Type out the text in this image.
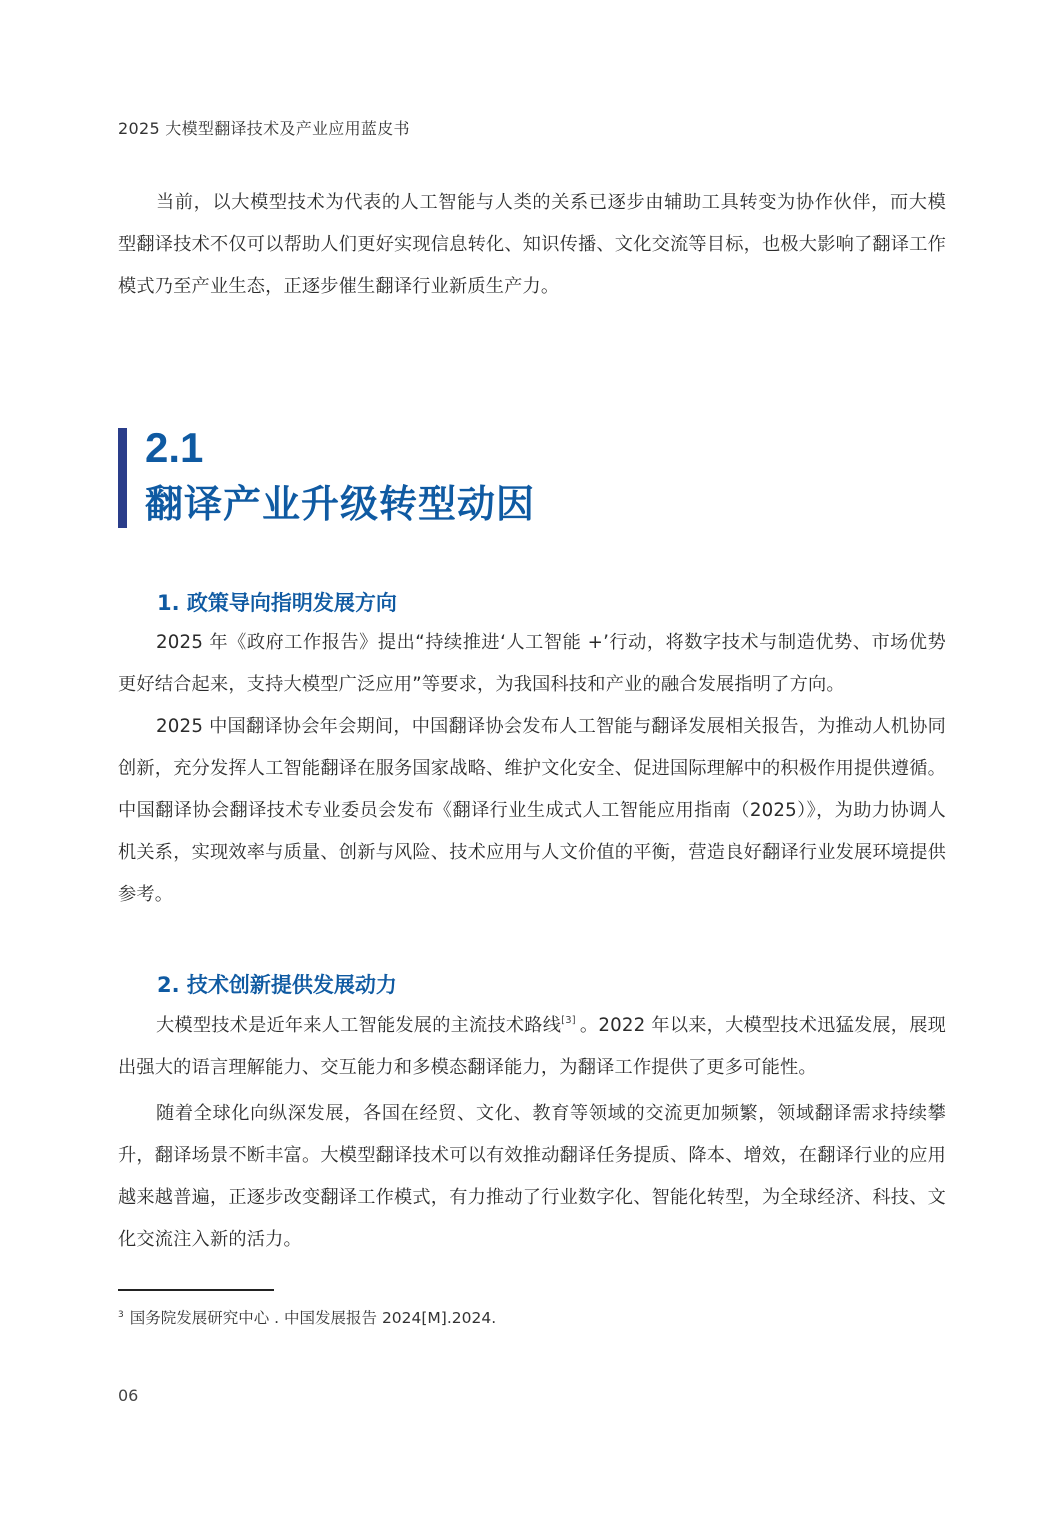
2025 大模型翻译技术及产业应用蓝皮书

当前，以大模型技术为代表的人工智能与人类的关系已逐步由辅助工具转变为协作伙伴，而大模型翻译技术不仅可以帮助人们更好实现信息转化、知识传播、文化交流等目标，也极大影响了翻译工作模式乃至产业生态，正逐步催生翻译行业新质生产力。

2.1
翻译产业升级转型动因
1. 政策导向指明发展方向

2025 年《政府工作报告》提出“持续推进‘人工智能 +’行动，将数字技术与制造优势、市场优势更好结合起来，支持大模型广泛应用”等要求，为我国科技和产业的融合发展指明了方向。

2025 中国翻译协会年会期间，中国翻译协会发布人工智能与翻译发展相关报告，为推动人机协同创新，充分发挥人工智能翻译在服务国家战略、维护文化安全、促进国际理解中的积极作用提供遵循。中国翻译协会翻译技术专业委员会发布《翻译行业生成式人工智能应用指南（2025）》，为助力协调人机关系，实现效率与质量、创新与风险、技术应用与人文价值的平衡，营造良好翻译行业发展环境提供参考。

2. 技术创新提供发展动力

大模型技术是近年来人工智能发展的主流技术路线[3] 。2022 年以来，大模型技术迅猛发展，展现出强大的语言理解能力、交互能力和多模态翻译能力，为翻译工作提供了更多可能性。

随着全球化向纵深发展，各国在经贸、文化、教育等领域的交流更加频繁，领域翻译需求持续攀升，翻译场景不断丰富。大模型翻译技术可以有效推动翻译任务提质、降本、增效，在翻译行业的应用越来越普遍，正逐步改变翻译工作模式，有力推动了行业数字化、智能化转型，为全球经济、科技、文化交流注入新的活力。

$^3$ 国务院发展研究中心 . 中国发展报告 2024[M].2024.
06
